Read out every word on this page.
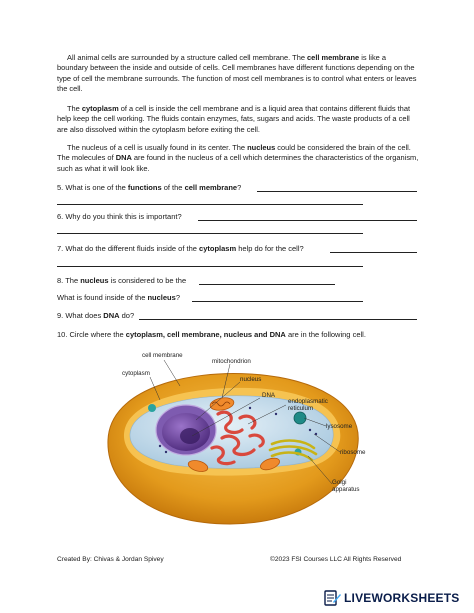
All animal cells are surrounded by a structure called cell membrane. The cell membrane is like a boundary between the inside and outside of cells. Cell membranes have different functions depending on the type of cell the membrane surrounds. The function of most cell membranes is to control what enters or leaves the cell.

The cytoplasm of a cell is inside the cell membrane and is a liquid area that contains different fluids that help keep the cell working. The fluids contain enzymes, fats, sugars and acids. The waste products of a cell are also dissolved within the cytoplasm before exiting the cell.

The nucleus of a cell is usually found in its center. The nucleus could be considered the brain of the cell. The molecules of DNA are found in the nucleus of a cell which determines the characteristics of the organism, such as what it will look like.

5. What is one of the functions of the cell membrane?
6. Why do you think this is important?
7. What do the different fluids inside of the cytoplasm help do for the cell?
8. The nucleus is considered to be the
What is found inside of the nucleus?
9. What does DNA do?
10. Circle where the cytoplasm, cell membrane, nucleus and DNA are in the following cell.
cell membrane
cytoplasm
mitochondrion
nucleus
DNA
endoplasmatic
reticulum
lysosome
ribosome
Golgi
apparatus
Created By: Chivas & Jordan Spivey	©2023 FSI Courses LLC All Rights Reserved
LIVEWORKSHEETS
